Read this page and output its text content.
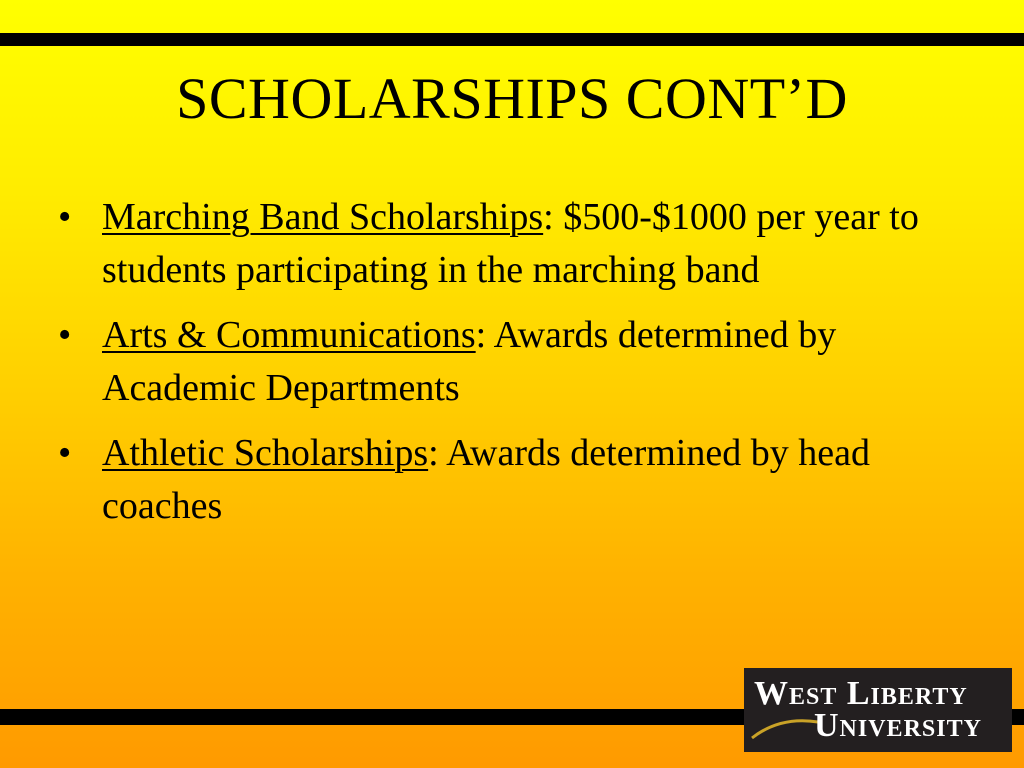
SCHOLARSHIPS CONT’D
• Marching Band Scholarships: $500-$1000 per year to students participating in the marching band
• Arts & Communications: Awards determined by Academic Departments
• Athletic Scholarships: Awards determined by head coaches
West Liberty
University
